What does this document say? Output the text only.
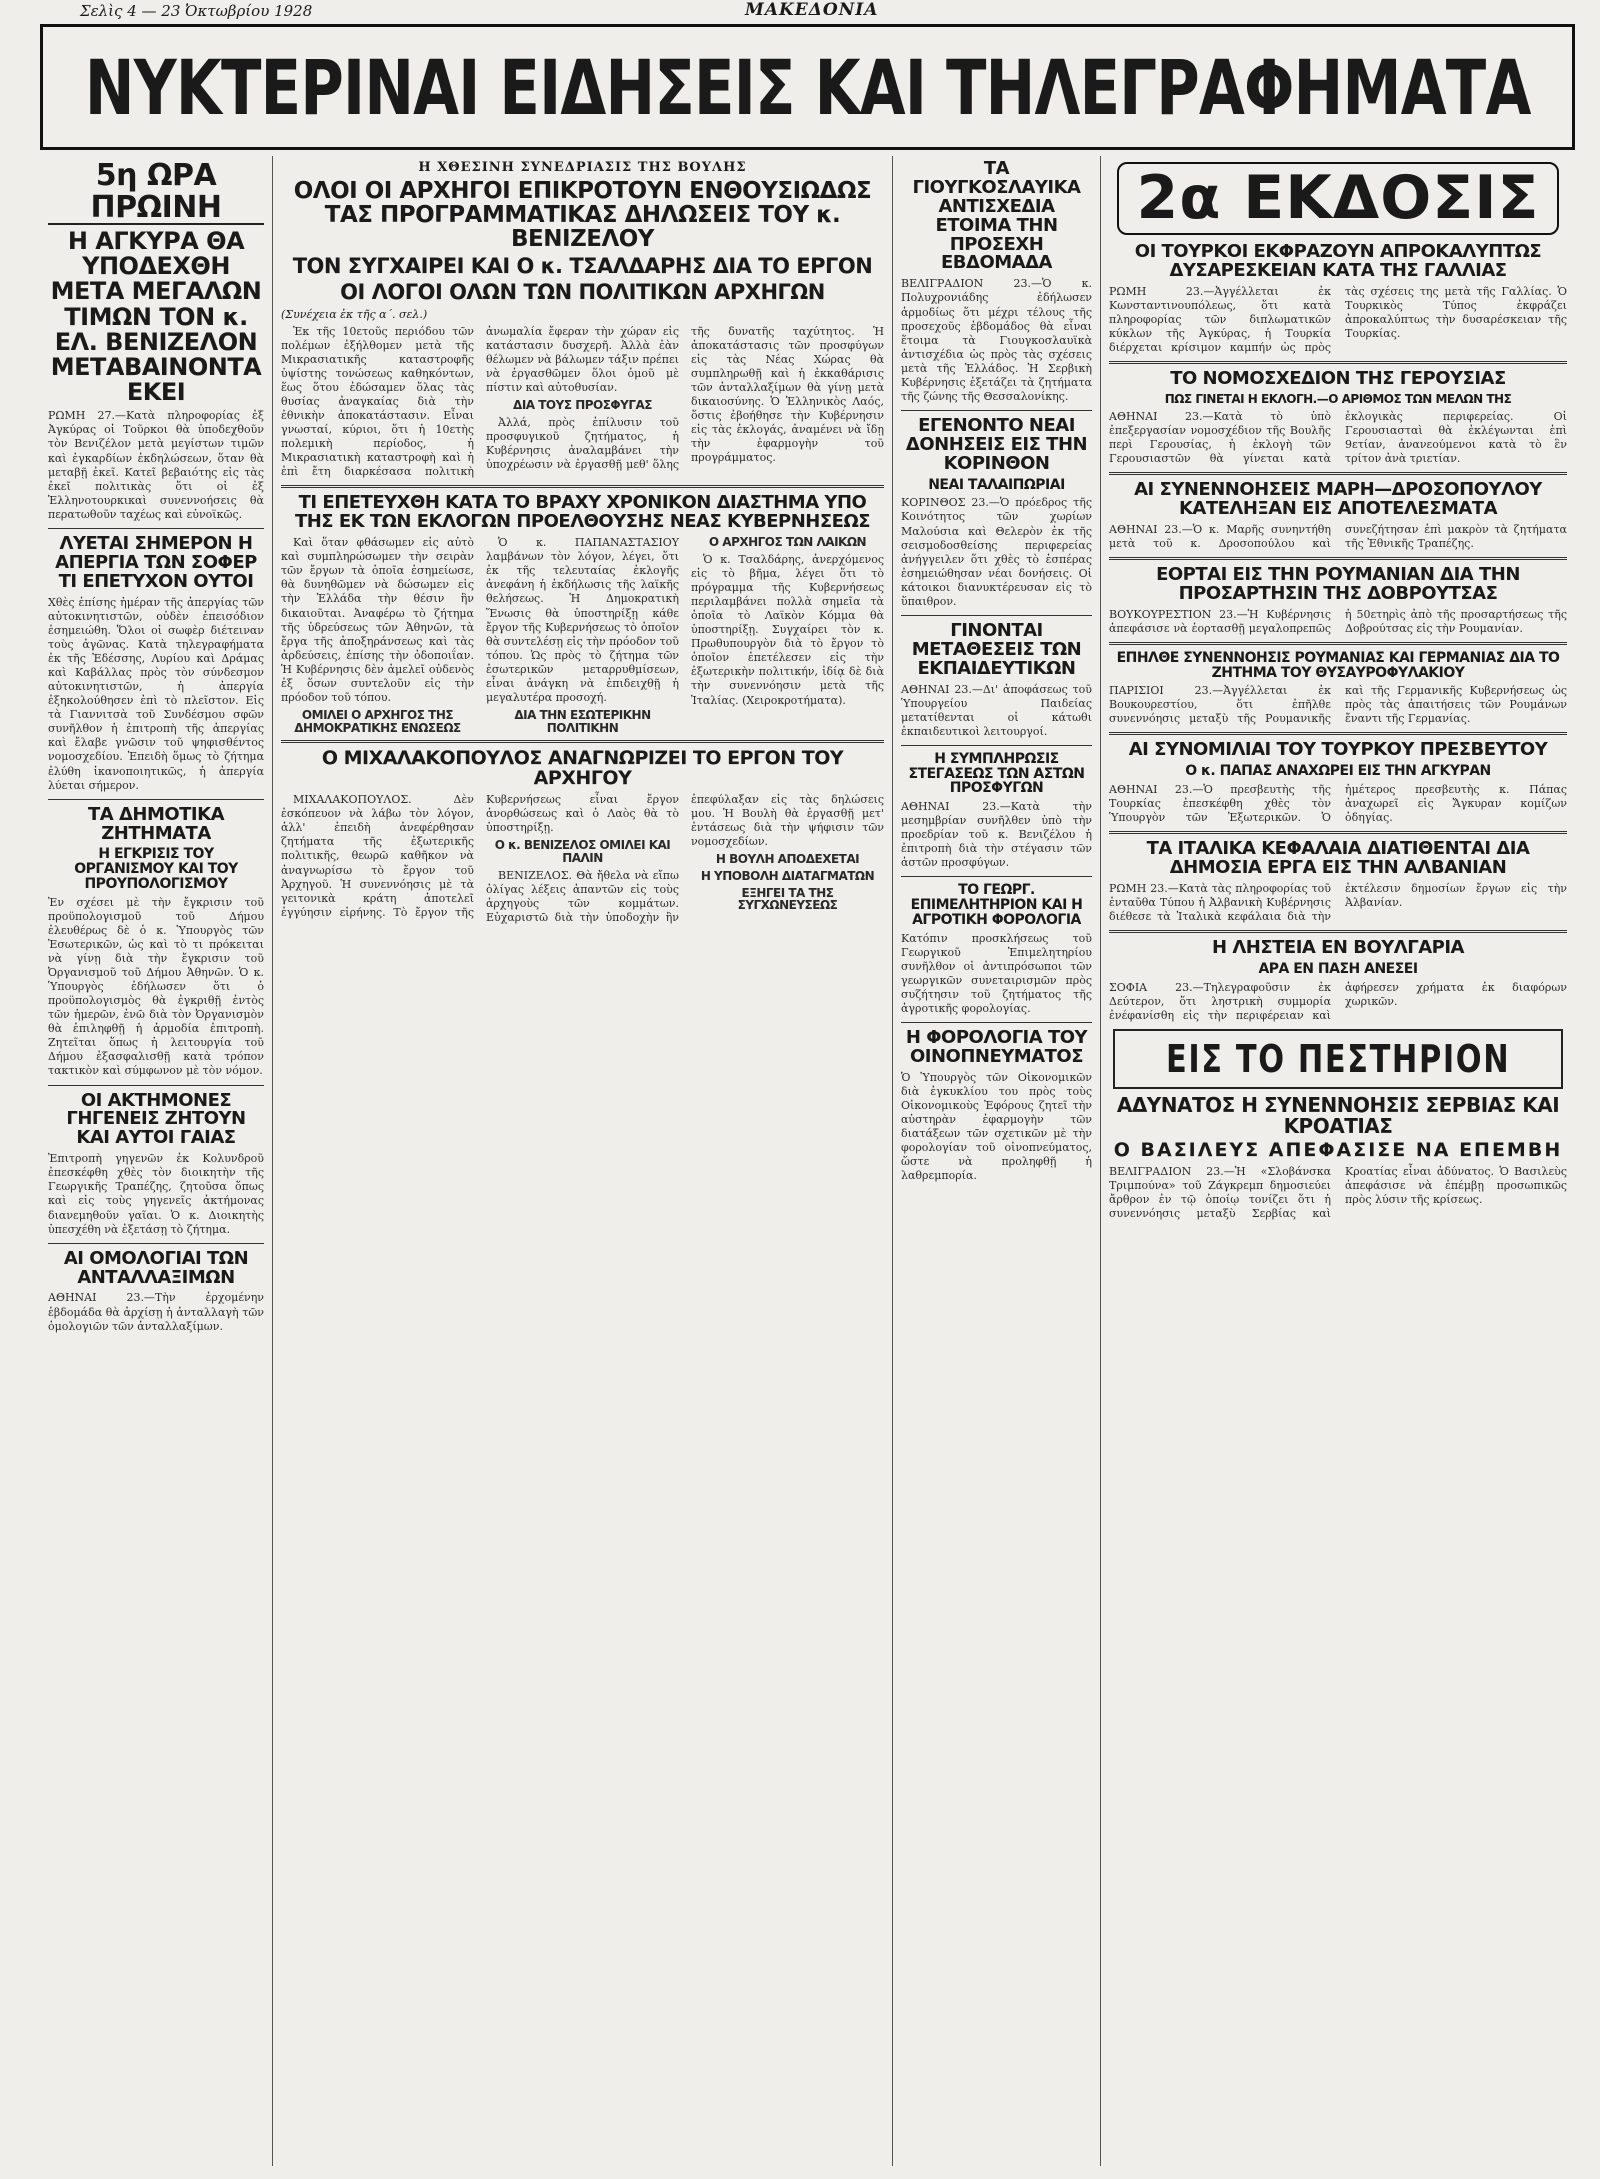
Σελὶς 4 — 23 Ὀκτωβρίου 1928	ΜΑΚΕΔΟΝΙΑ
ΝΥΚΤΕΡΙΝΑΙ ΕΙΔΗΣΕΙΣ ΚΑΙ ΤΗΛΕΓΡΑΦΗΜΑΤΑ
5η ΩΡΑ ΠΡΩΙΝΗ
Η ΑΓΚΥΡΑ ΘΑ ΥΠΟΔΕΧΘΗ ΜΕΤΑ ΜΕΓΑΛΩΝ ΤΙΜΩΝ ΤΟΝ κ. ΕΛ. ΒΕΝΙΖΕΛΟΝ ΜΕΤΑΒΑΙΝΟΝΤΑ ΕΚΕΙ
ΡΩΜΗ 27.—Κατὰ πληροφορίας ἐξ Ἀγκύρας οἱ Τοῦρκοι θὰ ὑποδεχθοῦν τὸν Βενιζέλον μετὰ μεγίστων τιμῶν καὶ ἐγκαρδίων ἐκδηλώσεων, ὅταν θὰ μεταβῇ ἐκεῖ. Κατεῖ βεβαιότης εἰς τὰς ἐκεῖ πολιτικὰς ὅτι οἱ ἐξ Ἑλληνοτουρκικαὶ συνεννοήσεις θὰ περατωθοῦν ταχέως καὶ εὐνοϊκῶς.
ΛΥΕΤΑΙ ΣΗΜΕΡΟΝ Η ΑΠΕΡΓΙΑ ΤΩΝ ΣΟΦΕΡ ΤΙ ΕΠΕΤΥΧΟΝ ΟΥΤΟΙ
Χθὲς ἐπίσης ἡμέραν τῆς ἀπεργίας τῶν αὐτοκινητιστῶν, οὐδὲν ἐπεισόδιον ἐσημειώθη. Ὅλοι οἱ σωφὲρ διέτειναν τοὺς ἀγῶνας. Κατὰ τηλεγραφήματα ἐκ τῆς Ἐδέσσης, Λυρίου καὶ Δράμας καὶ Καβάλλας πρὸς τὸν σύνδεσμον αὐτοκινητιστῶν, ἡ ἀπεργία ἐξηκολούθησεν ἐπὶ τὸ πλεῖστον. Εἰς τὰ Γιαννιτσὰ τοῦ Συνδέσμου σφῶν συνῆλθον ἡ ἐπιτροπὴ τῆς ἀπεργίας καὶ ἔλαβε γνῶσιν τοῦ ψηφισθέντος νομοσχεδίου. Ἐπειδὴ ὅμως τὸ ζήτημα ἐλύθη ἱκανοποιητικῶς, ἡ ἀπεργία λύεται σήμερον.
ΤΑ ΔΗΜΟΤΙΚΑ ΖΗΤΗΜΑΤΑ
Η ΕΓΚΡΙΣΙΣ ΤΟΥ ΟΡΓΑΝΙΣΜΟΥ ΚΑΙ ΤΟΥ ΠΡΟΥΠΟΛΟΓΙΣΜΟΥ
Ἐν σχέσει μὲ τὴν ἔγκρισιν τοῦ προϋπολογισμοῦ τοῦ Δήμου ἐλευθέρως δὲ ὁ κ. Ὑπουργὸς τῶν Ἐσωτερικῶν, ὡς καὶ τὸ τι πρόκειται νὰ γίνῃ διὰ τὴν ἔγκρισιν τοῦ Ὀργανισμοῦ τοῦ Δήμου Ἀθηνῶν. Ὁ κ. Ὑπουργὸς ἐδήλωσεν ὅτι ὁ προϋπολογισμὸς θὰ ἐγκριθῇ ἐντὸς τῶν ἡμερῶν, ἐνῶ διὰ τὸν Ὀργανισμὸν θὰ ἐπιληφθῇ ἡ ἁρμοδία ἐπιτροπὴ. Ζητεῖται ὅπως ἡ λειτουργία τοῦ Δήμου ἐξασφαλισθῇ κατὰ τρόπον τακτικὸν καὶ σύμφωνον μὲ τὸν νόμον.
ΟΙ ΑΚΤΗΜΟΝΕΣ ΓΗΓΕΝΕΙΣ ΖΗΤΟΥΝ ΚΑΙ ΑΥΤΟΙ ΓΑΙΑΣ
Ἐπιτροπὴ γηγενῶν ἐκ Κολυνδροῦ ἐπεσκέφθη χθὲς τὸν διοικητὴν τῆς Γεωργικῆς Τραπέζης, ζητοῦσα ὅπως καὶ εἰς τοὺς γηγενεῖς ἀκτήμονας διανεμηθοῦν γαῖαι. Ὁ κ. Διοικητὴς ὑπεσχέθη νὰ ἐξετάσῃ τὸ ζήτημα.
ΑΙ ΟΜΟΛΟΓΙΑΙ ΤΩΝ ΑΝΤΑΛΛΑΞΙΜΩΝ
ΑΘΗΝΑΙ 23.—Τὴν ἐρχομένην ἑβδομάδα θὰ ἀρχίσῃ ἡ ἀνταλλαγὴ τῶν ὁμολογιῶν τῶν ἀνταλλαξίμων.
Η ΧΘΕΣΙΝΗ ΣΥΝΕΔΡΙΑΣΙΣ ΤΗΣ ΒΟΥΛΗΣ
ΟΛΟΙ ΟΙ ΑΡΧΗΓΟΙ ΕΠΙΚΡΟΤΟΥΝ ΕΝΘΟΥΣΙΩΔΩΣ ΤΑΣ ΠΡΟΓΡΑΜΜΑΤΙΚΑΣ ΔΗΛΩΣΕΙΣ ΤΟΥ κ. ΒΕΝΙΖΕΛΟΥ
ΤΟΝ ΣΥΓΧΑΙΡΕΙ ΚΑΙ Ο κ. ΤΣΑΛΔΑΡΗΣ ΔΙΑ ΤΟ ΕΡΓΟΝ
ΟΙ ΛΟΓΟΙ ΟΛΩΝ ΤΩΝ ΠΟΛΙΤΙΚΩΝ ΑΡΧΗΓΩΝ
(Συνέχεια ἐκ τῆς α΄. σελ.)

Ἐκ τῆς 10ετοῦς περιόδου τῶν πολέμων ἐξήλθομεν μετὰ τῆς Μικρασιατικῆς καταστροφῆς ὑψίστης τονώσεως καθηκόντων, ἕως ὅτου ἐδώσαμεν ὅλας τὰς θυσίας ἀναγκαίας διὰ τὴν ἐθνικὴν ἀποκατάστασιν. Εἶναι γνωσταί, κύριοι, ὅτι ἡ 10ετὴς πολεμικὴ περίοδος, ἡ Μικρασιατικὴ καταστροφὴ καὶ ἡ ἐπὶ ἔτη διαρκέσασα πολιτικὴ ἀνωμαλία ἔφεραν τὴν χώραν εἰς κατάστασιν δυσχερῆ. Ἀλλὰ ἐὰν θέλωμεν νὰ βάλωμεν τάξιν πρέπει νὰ ἐργασθῶμεν ὅλοι ὁμοῦ μὲ πίστιν καὶ αὐτοθυσίαν.

ΔΙΑ ΤΟΥΣ ΠΡΟΣΦΥΓΑΣ

Ἀλλά, πρὸς ἐπίλυσιν τοῦ προσφυγικοῦ ζητήματος, ἡ Κυβέρνησις ἀναλαμβάνει τὴν ὑποχρέωσιν νὰ ἐργασθῇ μεθ' ὅλης τῆς δυνατῆς ταχύτητος. Ἡ ἀποκατάστασις τῶν προσφύγων εἰς τὰς Νέας Χώρας θὰ συμπληρωθῇ καὶ ἡ ἐκκαθάρισις τῶν ἀνταλλαξίμων θὰ γίνῃ μετὰ δικαιοσύνης. Ὁ Ἑλληνικὸς Λαός, ὅστις ἐβοήθησε τὴν Κυβέρνησιν εἰς τὰς ἐκλογάς, ἀναμένει νὰ ἴδῃ τὴν ἐφαρμογὴν τοῦ προγράμματος.

ΤΙ ΕΠΕΤΕΥΧΘΗ ΚΑΤΑ ΤΟ ΒΡΑΧΥ ΧΡΟΝΙΚΟΝ ΔΙΑΣΤΗΜΑ ΥΠΟ ΤΗΣ ΕΚ ΤΩΝ ΕΚΛΟΓΩΝ ΠΡΟΕΛΘΟΥΣΗΣ ΝΕΑΣ ΚΥΒΕΡΝΗΣΕΩΣ

Καὶ ὅταν φθάσωμεν εἰς αὐτὸ καὶ συμπληρώσωμεν τὴν σειρὰν τῶν ἔργων τὰ ὁποῖα ἐσημείωσε, θὰ δυνηθῶμεν νὰ δώσωμεν εἰς τὴν Ἑλλάδα τὴν θέσιν ἣν δικαιοῦται. Ἀναφέρω τὸ ζήτημα τῆς ὑδρεύσεως τῶν Ἀθηνῶν, τὰ ἔργα τῆς ἀποξηράνσεως καὶ τὰς ἀρδεύσεις, ἐπίσης τὴν ὀδοποιΐαν. Ἡ Κυβέρνησις δὲν ἀμελεῖ οὐδενὸς ἐξ ὅσων συντελοῦν εἰς τὴν πρόοδον τοῦ τόπου.

ΟΜΙΛΕΙ Ο ΑΡΧΗΓΟΣ ΤΗΣ ΔΗΜΟΚΡΑΤΙΚΗΣ ΕΝΩΣΕΩΣ

Ὁ κ. ΠΑΠΑΝΑΣΤΑΣΙΟΥ λαμβάνων τὸν λόγον, λέγει, ὅτι ἐκ τῆς τελευταίας ἐκλογῆς ἀνεφάνη ἡ ἐκδήλωσις τῆς λαϊκῆς θελήσεως. Ἡ Δημοκρατικὴ Ἕνωσις θὰ ὑποστηρίξῃ κάθε ἔργον τῆς Κυβερνήσεως τὸ ὁποῖον θὰ συντελέσῃ εἰς τὴν πρόοδον τοῦ τόπου. Ὡς πρὸς τὸ ζήτημα τῶν ἐσωτερικῶν μεταρρυθμίσεων, εἶναι ἀνάγκη νὰ ἐπιδειχθῇ ἡ μεγαλυτέρα προσοχή.

ΔΙΑ ΤΗΝ ΕΣΩΤΕΡΙΚΗΝ ΠΟΛΙΤΙΚΗΝ
Ο ΑΡΧΗΓΟΣ ΤΩΝ ΛΑΙΚΩΝ

Ὁ κ. Τσαλδάρης, ἀνερχόμενος εἰς τὸ βῆμα, λέγει ὅτι τὸ πρόγραμμα τῆς Κυβερνήσεως περιλαμβάνει πολλὰ σημεῖα τὰ ὁποῖα τὸ Λαϊκὸν Κόμμα θὰ ὑποστηρίξῃ. Συγχαίρει τὸν κ. Πρωθυπουργὸν διὰ τὸ ἔργον τὸ ὁποῖον ἐπετέλεσεν εἰς τὴν ἐξωτερικὴν πολιτικήν, ἰδίᾳ δὲ διὰ τὴν συνεννόησιν μετὰ τῆς Ἰταλίας. (Χειροκροτήματα).

Ο ΜΙΧΑΛΑΚΟΠΟΥΛΟΣ ΑΝΑΓΝΩΡΙΖΕΙ ΤΟ ΕΡΓΟΝ ΤΟΥ ΑΡΧΗΓΟΥ

ΜΙΧΑΛΑΚΟΠΟΥΛΟΣ. Δὲν ἐσκόπευον νὰ λάβω τὸν λόγον, ἀλλ' ἐπειδὴ ἀνεφέρθησαν ζητήματα τῆς ἐξωτερικῆς πολιτικῆς, θεωρῶ καθῆκον νὰ ἀναγνωρίσω τὸ ἔργον τοῦ Ἀρχηγοῦ. Ἡ συνεννόησις μὲ τὰ γειτονικὰ κράτη ἀποτελεῖ ἐγγύησιν εἰρήνης. Τὸ ἔργον τῆς Κυβερνήσεως εἶναι ἔργον ἀνορθώσεως καὶ ὁ Λαὸς θὰ τὸ ὑποστηρίξῃ.

Ο κ. ΒΕΝΙΖΕΛΟΣ ΟΜΙΛΕΙ ΚΑΙ ΠΑΛΙΝ

ΒΕΝΙΖΕΛΟΣ. Θὰ ἤθελα νὰ εἴπω ὀλίγας λέξεις ἀπαντῶν εἰς τοὺς ἀρχηγοὺς τῶν κομμάτων. Εὐχαριστῶ διὰ τὴν ὑποδοχὴν ἣν ἐπεφύλαξαν εἰς τὰς δηλώσεις μου. Ἡ Βουλὴ θὰ ἐργασθῇ μετ' ἐντάσεως διὰ τὴν ψήφισιν τῶν νομοσχεδίων.

Η ΒΟΥΛΗ ΑΠΟΔΕΧΕΤΑΙ
Η ΥΠΟΒΟΛΗ ΔΙΑΤΑΓΜΑΤΩΝ
ΕΞΗΓΕΙ ΤΑ ΤΗΣ ΣΥΓΧΩΝΕΥΣΕΩΣ
ΤΑ ΓΙΟΥΓΚΟΣΛΑΥΙΚΑ ΑΝΤΙΣΧΕΔΙΑ ΕΤΟΙΜΑ ΤΗΝ ΠΡΟΣΕΧΗ ΕΒΔΟΜΑΔΑ
ΒΕΛΙΓΡΑΔΙΟΝ 23.—Ὁ κ. Πολυχρονιάδης ἐδήλωσεν ἁρμοδίως ὅτι μέχρι τέλους τῆς προσεχοῦς ἑβδομάδος θὰ εἶναι ἕτοιμα τὰ Γιουγκοσλαυϊκὰ ἀντισχέδια ὡς πρὸς τὰς σχέσεις μετὰ τῆς Ἑλλάδος. Ἡ Σερβικὴ Κυβέρνησις ἐξετάζει τὰ ζητήματα τῆς ζώνης τῆς Θεσσαλονίκης.
ΕΓΕΝΟΝΤΟ ΝΕΑΙ ΔΟΝΗΣΕΙΣ ΕΙΣ ΤΗΝ ΚΟΡΙΝΘΟΝ
ΝΕΑΙ ΤΑΛΑΙΠΩΡΙΑΙ
ΚΟΡΙΝΘΟΣ 23.—Ὁ πρόεδρος τῆς Κοινότητος τῶν χωρίων Μαλούσια καὶ Θελερὸν ἐκ τῆς σεισμοδοσθείσης περιφερείας ἀνήγγειλεν ὅτι χθὲς τὸ ἑσπέρας ἐσημειώθησαν νέαι δονήσεις. Οἱ κάτοικοι διανυκτέρευσαν εἰς τὸ ὕπαιθρον.
ΓΙΝΟΝΤΑΙ ΜΕΤΑΘΕΣΕΙΣ ΤΩΝ ΕΚΠΑΙΔΕΥΤΙΚΩΝ
ΑΘΗΝΑΙ 23.—Δι' ἀποφάσεως τοῦ Ὑπουργείου Παιδείας μετατίθενται οἱ κάτωθι ἐκπαιδευτικοὶ λειτουργοί.
Η ΣΥΜΠΛΗΡΩΣΙΣ ΣΤΕΓΑΣΕΩΣ ΤΩΝ ΑΣΤΩΝ ΠΡΟΣΦΥΓΩΝ
ΑΘΗΝΑΙ 23.—Κατὰ τὴν μεσημβρίαν συνῆλθεν ὑπὸ τὴν προεδρίαν τοῦ κ. Βενιζέλου ἡ ἐπιτροπὴ διὰ τὴν στέγασιν τῶν ἀστῶν προσφύγων.
ΤΟ ΓΕΩΡΓ. ΕΠΙΜΕΛΗΤΗΡΙΟΝ ΚΑΙ Η ΑΓΡΟΤΙΚΗ ΦΟΡΟΛΟΓΙΑ
Κατόπιν προσκλήσεως τοῦ Γεωργικοῦ Ἐπιμελητηρίου συνῆλθον οἱ ἀντιπρόσωποι τῶν γεωργικῶν συνεταιρισμῶν πρὸς συζήτησιν τοῦ ζητήματος τῆς ἀγροτικῆς φορολογίας.
Η ΦΟΡΟΛΟΓΙΑ ΤΟΥ ΟΙΝΟΠΝΕΥΜΑΤΟΣ
Ὁ Ὑπουργὸς τῶν Οἰκονομικῶν διὰ ἐγκυκλίου του πρὸς τοὺς Οἰκονομικοὺς Ἐφόρους ζητεῖ τὴν αὐστηρὰν ἐφαρμογὴν τῶν διατάξεων τῶν σχετικῶν μὲ τὴν φορολογίαν τοῦ οἰνοπνεύματος, ὥστε νὰ προληφθῇ ἡ λαθρεμπορία.
2α ΕΚΔΟΣΙΣ
ΟΙ ΤΟΥΡΚΟΙ ΕΚΦΡΑΖΟΥΝ ΑΠΡΟΚΑΛΥΠΤΩΣ ΔΥΣΑΡΕΣΚΕΙΑΝ ΚΑΤΑ ΤΗΣ ΓΑΛΛΙΑΣ
ΡΩΜΗ 23.—Ἀγγέλλεται ἐκ Κωνσταντινουπόλεως, ὅτι κατὰ πληροφορίας τῶν διπλωματικῶν κύκλων τῆς Ἀγκύρας, ἡ Τουρκία διέρχεται κρίσιμον καμπήν ὡς πρὸς τὰς σχέσεις της μετὰ τῆς Γαλλίας. Ὁ Τουρκικὸς Τύπος ἐκφράζει ἀπροκαλύπτως τὴν δυσαρέσκειαν τῆς Τουρκίας.
ΤΟ ΝΟΜΟΣΧΕΔΙΟΝ ΤΗΣ ΓΕΡΟΥΣΙΑΣ
ΠΩΣ ΓΙΝΕΤΑΙ Η ΕΚΛΟΓΗ.—Ο ΑΡΙΘΜΟΣ ΤΩΝ ΜΕΛΩΝ ΤΗΣ
ΑΘΗΝΑΙ 23.—Κατὰ τὸ ὑπὸ ἐπεξεργασίαν νομοσχέδιον τῆς Βουλῆς περὶ Γερουσίας, ἡ ἐκλογὴ τῶν Γερουσιαστῶν θὰ γίνεται κατὰ ἐκλογικὰς περιφερείας. Οἱ Γερουσιασταὶ θὰ ἐκλέγωνται ἐπὶ 9ετίαν, ἀνανεούμενοι κατὰ τὸ ἓν τρίτον ἀνὰ τριετίαν.
ΑΙ ΣΥΝΕΝΝΟΗΣΕΙΣ ΜΑΡΗ—ΔΡΟΣΟΠΟΥΛΟΥ ΚΑΤΕΛΗΞΑΝ ΕΙΣ ΑΠΟΤΕΛΕΣΜΑΤΑ
ΑΘΗΝΑΙ 23.—Ὁ κ. Μαρῆς συνηντήθη μετὰ τοῦ κ. Δροσοπούλου καὶ συνεζήτησαν ἐπὶ μακρὸν τὰ ζητήματα τῆς Ἐθνικῆς Τραπέζης.
ΕΟΡΤΑΙ ΕΙΣ ΤΗΝ ΡΟΥΜΑΝΙΑΝ ΔΙΑ ΤΗΝ ΠΡΟΣΑΡΤΗΣΙΝ ΤΗΣ ΔΟΒΡΟΥΤΣΑΣ
ΒΟΥΚΟΥΡΕΣΤΙΟΝ 23.—Ἡ Κυβέρνησις ἀπεφάσισε νὰ ἑορτασθῇ μεγαλοπρεπῶς ἡ 50ετηρὶς ἀπὸ τῆς προσαρτήσεως τῆς Δοβρούτσας εἰς τὴν Ρουμανίαν.
ΕΠΗΛΘΕ ΣΥΝΕΝΝΟΗΣΙΣ ΡΟΥΜΑΝΙΑΣ ΚΑΙ ΓΕΡΜΑΝΙΑΣ ΔΙΑ ΤΟ ΖΗΤΗΜΑ ΤΟΥ ΘΥΣΑΥΡΟΦΥΛΑΚΙΟΥ
ΠΑΡΙΣΙΟΙ 23.—Ἀγγέλλεται ἐκ Βουκουρεστίου, ὅτι ἐπῆλθε συνεννόησις μεταξὺ τῆς Ρουμανικῆς καὶ τῆς Γερμανικῆς Κυβερνήσεως ὡς πρὸς τὰς ἀπαιτήσεις τῶν Ρουμάνων ἔναντι τῆς Γερμανίας.
ΑΙ ΣΥΝΟΜΙΛΙΑΙ ΤΟΥ ΤΟΥΡΚΟΥ ΠΡΕΣΒΕΥΤΟΥ
Ο κ. ΠΑΠΑΣ ΑΝΑΧΩΡΕΙ ΕΙΣ ΤΗΝ ΑΓΚΥΡΑΝ
ΑΘΗΝΑΙ 23.—Ὁ πρεσβευτὴς τῆς Τουρκίας ἐπεσκέφθη χθὲς τὸν Ὑπουργὸν τῶν Ἐξωτερικῶν. Ὁ ἡμέτερος πρεσβευτὴς κ. Πάπας ἀναχωρεῖ εἰς Ἄγκυραν κομίζων ὁδηγίας.
ΤΑ ΙΤΑΛΙΚΑ ΚΕΦΑΛΑΙΑ ΔΙΑΤΙΘΕΝΤΑΙ ΔΙΑ ΔΗΜΟΣΙΑ ΕΡΓΑ ΕΙΣ ΤΗΝ ΑΛΒΑΝΙΑΝ
ΡΩΜΗ 23.—Κατὰ τὰς πληροφορίας τοῦ ἐνταῦθα Τύπου ἡ Ἀλβανικὴ Κυβέρνησις διέθεσε τὰ Ἰταλικὰ κεφάλαια διὰ τὴν ἐκτέλεσιν δημοσίων ἔργων εἰς τὴν Ἀλβανίαν.
Η ΛΗΣΤΕΙΑ ΕΝ ΒΟΥΛΓΑΡΙΑ
ΑΡΑ ΕΝ ΠΑΣΗ ΑΝΕΣΕΙ
ΣΟΦΙΑ 23.—Τηλεγραφοῦσιν ἐκ Δεύτερον, ὅτι ληστρικὴ συμμορία ἐνέφανίσθη εἰς τὴν περιφέρειαν καὶ ἀφήρεσεν χρήματα ἐκ διαφόρων χωρικῶν.
ΕΙΣ ΤΟ ΠΕΣΤΗΡΙΟΝ
ΑΔΥΝΑΤΟΣ Η ΣΥΝΕΝΝΟΗΣΙΣ ΣΕΡΒΙΑΣ ΚΑΙ ΚΡΟΑΤΙΑΣ
Ο ΒΑΣΙΛΕΥΣ ΑΠΕΦΑΣΙΣΕ ΝΑ ΕΠΕΜΒΗ
ΒΕΛΙΓΡΑΔΙΟΝ 23.—Ἡ «Σλοβάνσκα Τριμπούνα» τοῦ Ζάγκρεμπ δημοσιεύει ἄρθρον ἐν τῷ ὁποίῳ τονίζει ὅτι ἡ συνεννόησις μεταξὺ Σερβίας καὶ Κροατίας εἶναι ἀδύνατος. Ὁ Βασιλεὺς ἀπεφάσισε νὰ ἐπέμβῃ προσωπικῶς πρὸς λύσιν τῆς κρίσεως.
